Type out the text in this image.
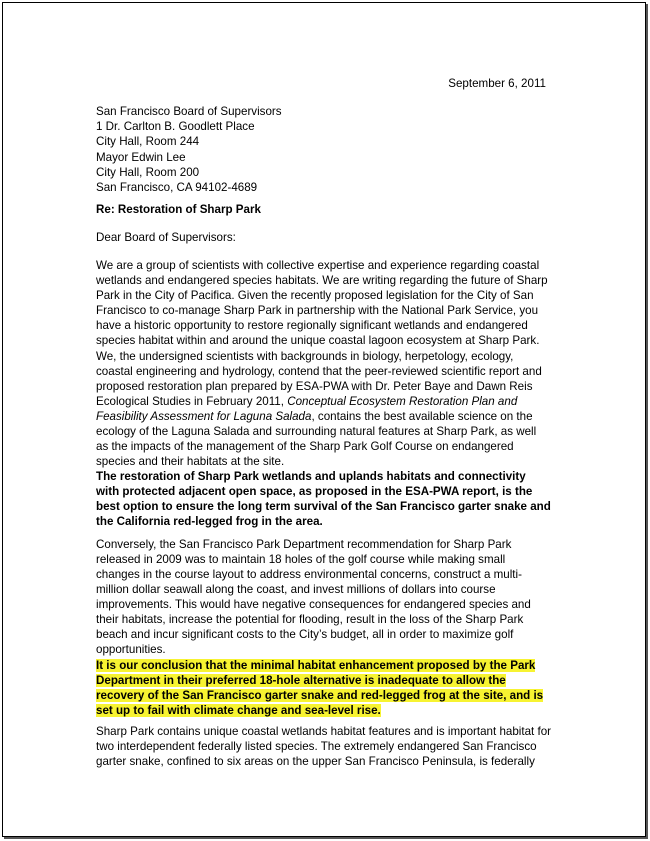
September 6, 2011
San Francisco Board of Supervisors
1 Dr. Carlton B. Goodlett Place
City Hall, Room 244
Mayor Edwin Lee
City Hall, Room 200
San Francisco, CA 94102-4689
Re: Restoration of Sharp Park
Dear Board of Supervisors:

We are a group of scientists with collective expertise and experience regarding coastal wetlands and endangered species habitats. We are writing regarding the future of Sharp Park in the City of Pacifica. Given the recently proposed legislation for the City of San Francisco to co-manage Sharp Park in partnership with the National Park Service, you have a historic opportunity to restore regionally significant wetlands and endangered species habitat within and around the unique coastal lagoon ecosystem at Sharp Park.

We, the undersigned scientists with backgrounds in biology, herpetology, ecology, coastal engineering and hydrology, contend that the peer-reviewed scientific report and proposed restoration plan prepared by ESA-PWA with Dr. Peter Baye and Dawn Reis Ecological Studies in February 2011, Conceptual Ecosystem Restoration Plan and Feasibility Assessment for Laguna Salada, contains the best available science on the ecology of the Laguna Salada and surrounding natural features at Sharp Park, as well as the impacts of the management of the Sharp Park Golf Course on endangered species and their habitats at the site.

The restoration of Sharp Park wetlands and uplands habitats and connectivity with protected adjacent open space, as proposed in the ESA-PWA report, is the best option to ensure the long term survival of the San Francisco garter snake and the California red-legged frog in the area.

Conversely, the San Francisco Park Department recommendation for Sharp Park released in 2009 was to maintain 18 holes of the golf course while making small changes in the course layout to address environmental concerns, construct a multi-million dollar seawall along the coast, and invest millions of dollars into course improvements. This would have negative consequences for endangered species and their habitats, increase the potential for flooding, result in the loss of the Sharp Park beach and incur significant costs to the City’s budget, all in order to maximize golf opportunities.

It is our conclusion that the minimal habitat enhancement proposed by the Park Department in their preferred 18-hole alternative is inadequate to allow the recovery of the San Francisco garter snake and red-legged frog at the site, and is set up to fail with climate change and sea-level rise.

Sharp Park contains unique coastal wetlands habitat features and is important habitat for two interdependent federally listed species. The extremely endangered San Francisco garter snake, confined to six areas on the upper San Francisco Peninsula, is federally
